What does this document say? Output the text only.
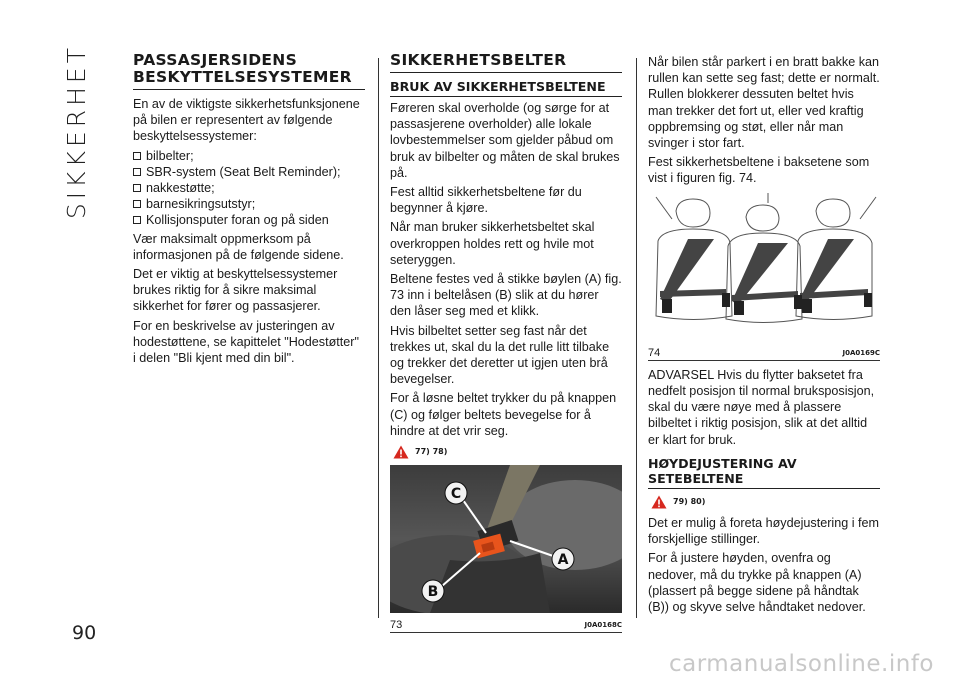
SIKKERHET
90
PASSASJERSIDENS
BESKYTTELSESYSTEMER

En av de viktigste sikkerhetsfunksjonene på bilen er representert av følgende beskyttelsessystemer:

bilbelter;
SBR-system (Seat Belt Reminder);
nakkestøtte;
barnesikringsutstyr;
Kollisjonsputer foran og på siden

Vær maksimalt oppmerksom på informasjonen på de følgende sidene.

Det er viktig at beskyttelsessystemer brukes riktig for å sikre maksimal sikkerhet for fører og passasjerer.

For en beskrivelse av justeringen av hodestøttene, se kapittelet "Hodestøtter" i delen "Bli kjent med din bil".

SIKKERHETSBELTER
BRUK AV SIKKERHETSBELTENE

Føreren skal overholde (og sørge for at passasjerene overholder) alle lokale lovbestemmelser som gjelder påbud om bruk av bilbelter og måten de skal brukes på.

Fest alltid sikkerhetsbeltene før du begynner å kjøre.

Når man bruker sikkerhetsbeltet skal overkroppen holdes rett og hvile mot seteryggen.

Beltene festes ved å stikke bøylen (A) fig. 73 inn i beltelåsen (B) slik at du hører den låser seg med et klikk.

Hvis bilbeltet setter seg fast når det trekkes ut, skal du la det rulle litt tilbake og trekker det deretter ut igjen uten brå bevegelser.

For å løsne beltet trykker du på knappen (C) og følger beltets bevegelse for å hindre at det vrir seg.

77) 78)
C
A
B
73	J0A0168C

Når bilen står parkert i en bratt bakke kan rullen kan sette seg fast; dette er normalt. Rullen blokkerer dessuten beltet hvis man trekker det fort ut, eller ved kraftig oppbremsing og støt, eller når man svinger i stor fart.

Fest sikkerhetsbeltene i baksetene som vist i figuren fig. 74.

74	J0A0169C

ADVARSEL Hvis du flytter baksetet fra nedfelt posisjon til normal bruksposisjon, skal du være nøye med å plassere bilbeltet i riktig posisjon, slik at det alltid er klart for bruk.

HØYDEJUSTERING AV SETEBELTENE
79) 80)

Det er mulig å foreta høydejustering i fem forskjellige stillinger.

For å justere høyden, ovenfra og nedover, må du trykke på knappen (A) (plassert på begge sidene på håndtak (B)) og skyve selve håndtaket nedover.

carmanualsonline.info
